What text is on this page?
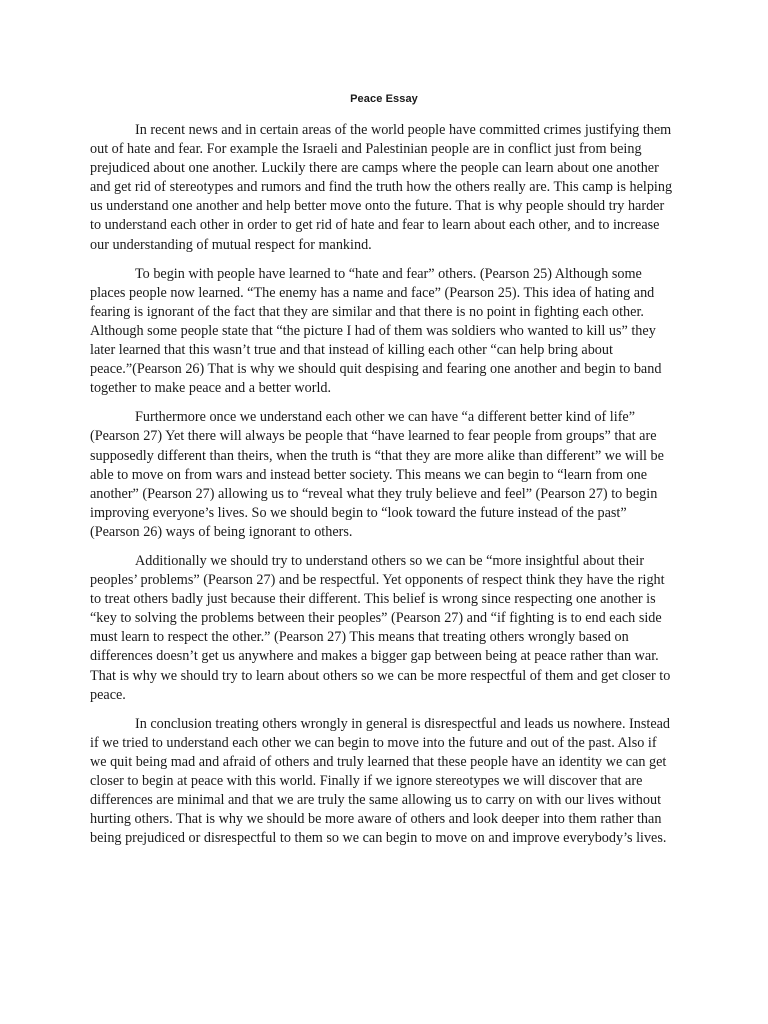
Peace Essay

In recent news and in certain areas of the world people have committed crimes justifying them out of hate and fear. For example the Israeli and Palestinian people are in conflict just from being prejudiced about one another. Luckily there are camps where the people can learn about one another and get rid of stereotypes and rumors and find the truth how the others really are. This camp is helping us understand one another and help better move onto the future. That is why people should try harder to understand each other in order to get rid of hate and fear to learn about each other, and to increase our understanding of mutual respect for mankind.

To begin with people have learned to “hate and fear” others. (Pearson 25) Although some places people now learned. “The enemy has a name and face” (Pearson 25). This idea of hating and fearing is ignorant of the fact that they are similar and that there is no point in fighting each other. Although some people state that “the picture I had of them was soldiers who wanted to kill us” they later learned that this wasn’t true and that instead of killing each other “can help bring about peace.”(Pearson 26) That is why we should quit despising and fearing one another and begin to band together to make peace and a better world.

Furthermore once we understand each other we can have “a different better kind of life” (Pearson 27) Yet there will always be people that “have learned to fear people from groups” that are supposedly different than theirs, when the truth is “that they are more alike than different” we will be able to move on from wars and instead better society. This means we can begin to “learn from one another” (Pearson 27) allowing us to “reveal what they truly believe and feel” (Pearson 27) to begin improving everyone’s lives. So we should begin to “look toward the future instead of the past” (Pearson 26) ways of being ignorant to others.

Additionally we should try to understand others so we can be “more insightful about their peoples’ problems” (Pearson 27) and be respectful. Yet opponents of respect think they have the right to treat others badly just because their different. This belief is wrong since respecting one another is “key to solving the problems between their peoples” (Pearson 27) and “if fighting is to end each side must learn to respect the other.” (Pearson 27) This means that treating others wrongly based on differences doesn’t get us anywhere and makes a bigger gap between being at peace rather than war. That is why we should try to learn about others so we can be more respectful of them and get closer to peace.

In conclusion treating others wrongly in general is disrespectful and leads us nowhere. Instead if we tried to understand each other we can begin to move into the future and out of the past. Also if we quit being mad and afraid of others and truly learned that these people have an identity we can get closer to begin at peace with this world. Finally if we ignore stereotypes we will discover that are differences are minimal and that we are truly the same allowing us to carry on with our lives without hurting others. That is why we should be more aware of others and look deeper into them rather than being prejudiced or disrespectful to them so we can begin to move on and improve everybody’s lives.
